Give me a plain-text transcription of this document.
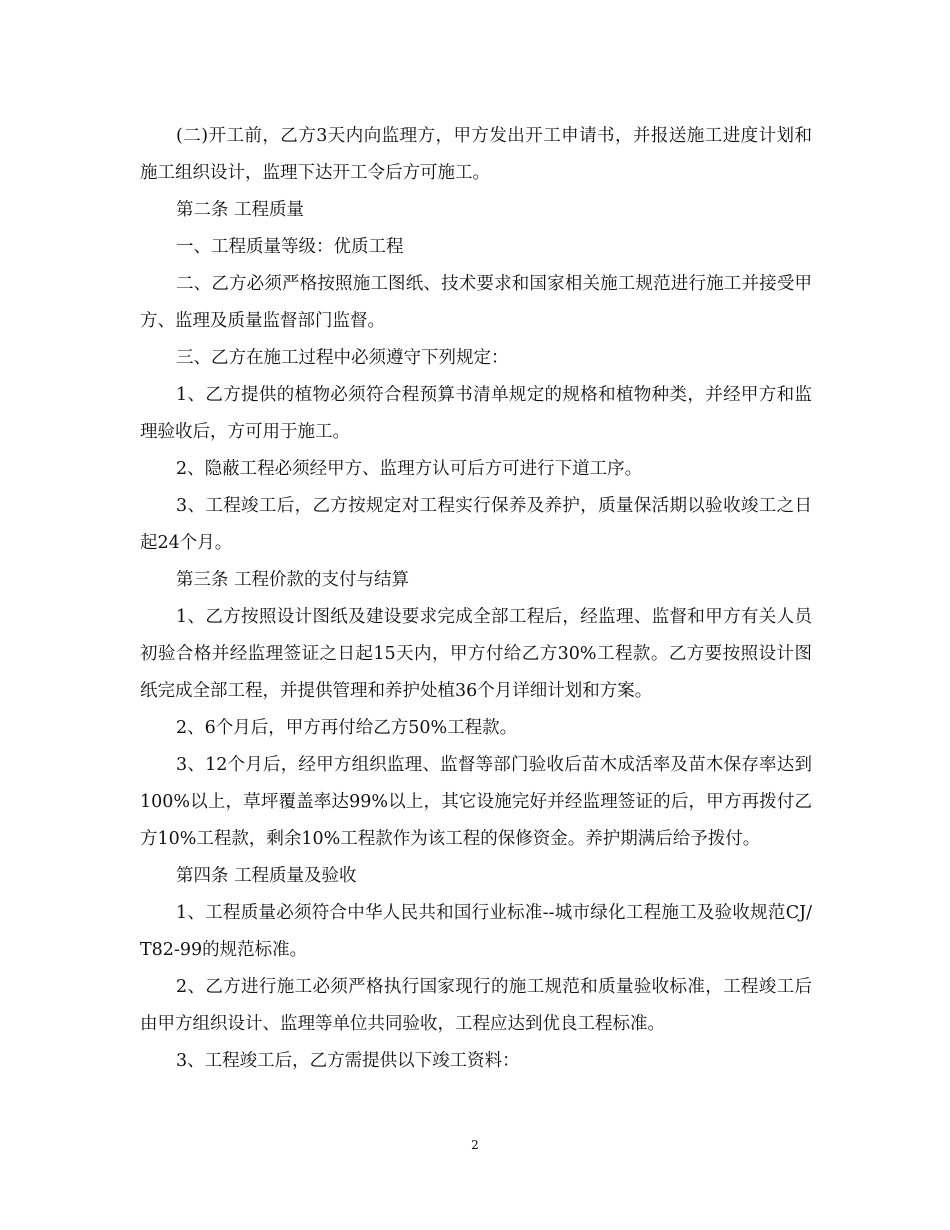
(二)开工前，乙方3天内向监理方，甲方发出开工申请书，并报送施工进度计划和施工组织设计，监理下达开工令后方可施工。

第二条 工程质量

一、工程质量等级：优质工程

二、乙方必须严格按照施工图纸、技术要求和国家相关施工规范进行施工并接受甲方、监理及质量监督部门监督。

三、乙方在施工过程中必须遵守下列规定：

1、乙方提供的植物必须符合程预算书清单规定的规格和植物种类，并经甲方和监理验收后，方可用于施工。

2、隐蔽工程必须经甲方、监理方认可后方可进行下道工序。

3、工程竣工后，乙方按规定对工程实行保养及养护，质量保活期以验收竣工之日起24个月。

第三条 工程价款的支付与结算

1、乙方按照设计图纸及建设要求完成全部工程后，经监理、监督和甲方有关人员初验合格并经监理签证之日起15天内，甲方付给乙方30%工程款。乙方要按照设计图纸完成全部工程，并提供管理和养护处植36个月详细计划和方案。

2、6个月后，甲方再付给乙方50%工程款。

3、12个月后，经甲方组织监理、监督等部门验收后苗木成活率及苗木保存率达到100%以上，草坪覆盖率达99%以上，其它设施完好并经监理签证的后，甲方再拨付乙方10%工程款，剩余10%工程款作为该工程的保修资金。养护期满后给予拨付。

第四条 工程质量及验收

1、工程质量必须符合中华人民共和国行业标准--城市绿化工程施工及验收规范CJ/T82-99的规范标准。

2、乙方进行施工必须严格执行国家现行的施工规范和质量验收标准，工程竣工后由甲方组织设计、监理等单位共同验收，工程应达到优良工程标准。

3、工程竣工后，乙方需提供以下竣工资料：

2
